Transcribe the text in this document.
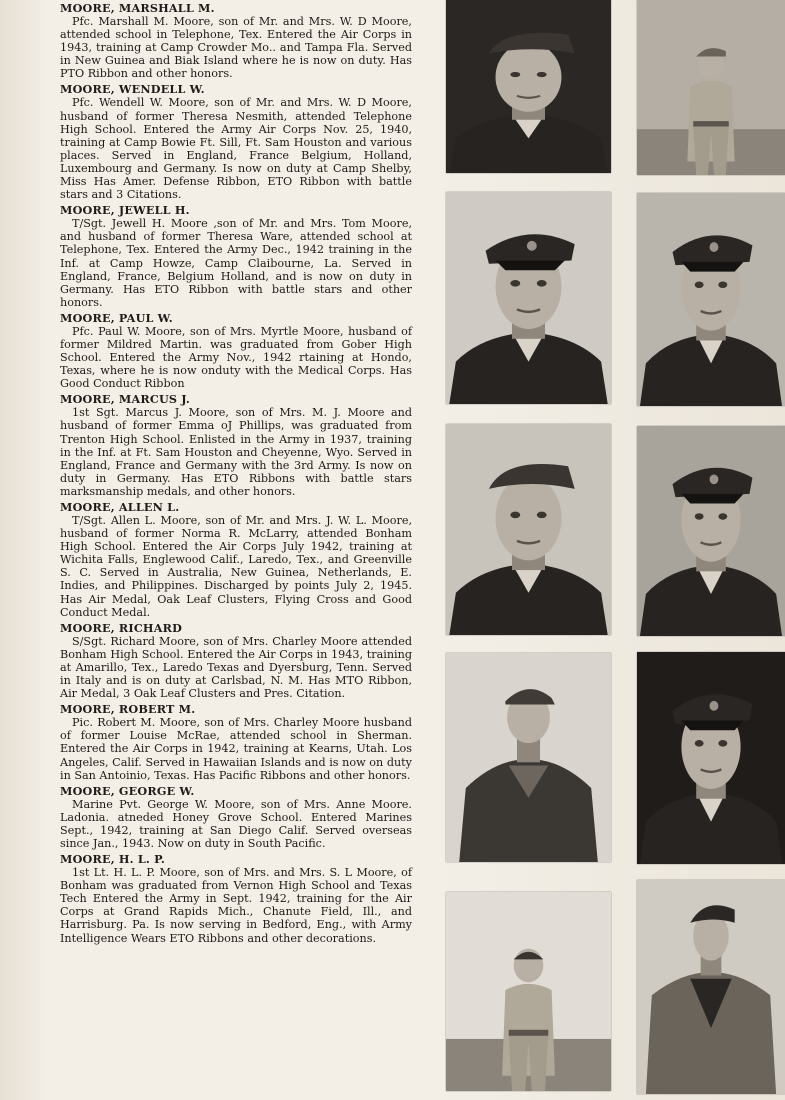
MOORE, MARSHALL M.
Pfc. Marshall M. Moore, son of Mr. and Mrs. W. D Moore, attended school in Telephone, Tex. Entered the Air Corps in 1943, training at Camp Crowder Mo.. and Tampa Fla. Served in New Guinea and Biak Island where he is now on duty. Has PTO Ribbon and other honors.
MOORE, WENDELL W.
Pfc. Wendell W. Moore, son of Mr. and Mrs. W. D Moore, husband of former Theresa Nesmith, attended Telephone High School. Entered the Army Air Corps Nov. 25, 1940, training at Camp Bowie Ft. Sill, Ft. Sam Houston and various places. Served in England, France Belgium, Holland, Luxembourg and Germany. Is now on duty at Camp Shelby, Miss Has Amer. Defense Ribbon, ETO Ribbon with battle stars and 3 Citations.
MOORE, JEWELL H.
T/Sgt. Jewell H. Moore ,son of Mr. and Mrs. Tom Moore, and husband of former Theresa Ware, attended school at Telephone, Tex. Entered the Army Dec., 1942 training in the Inf. at Camp Howze, Camp Claibourne, La. Served in England, France, Belgium Holland, and is now on duty in Germany. Has ETO Ribbon with battle stars and other honors.
MOORE, PAUL W.
Pfc. Paul W. Moore, son of Mrs. Myrtle Moore, husband of former Mildred Martin. was graduated from Gober High School. Entered the Army Nov., 1942 rtaining at Hondo, Texas, where he is now onduty with the Medical Corps. Has Good Conduct Ribbon
MOORE, MARCUS J.
1st Sgt. Marcus J. Moore, son of Mrs. M. J. Moore and husband of former Emma oJ Phillips, was graduated from Trenton High School. Enlisted in the Army in 1937, training in the Inf. at Ft. Sam Houston and Cheyenne, Wyo. Served in England, France and Germany with the 3rd Army. Is now on duty in Germany. Has ETO Ribbons with battle stars marksmanship medals, and other honors.
MOORE, ALLEN L.
T/Sgt. Allen L. Moore, son of Mr. and Mrs. J. W. L. Moore, husband of former Norma R. McLarry, attended Bonham High School. Entered the Air Corps July 1942, training at Wichita Falls, Englewood Calif., Laredo, Tex., and Greenville S. C. Served in Australia, New Guinea, Netherlands, E. Indies, and Philippines. Discharged by points July 2, 1945. Has Air Medal, Oak Leaf Clusters, Flying Cross and Good Conduct Medal.
MOORE, RICHARD
S/Sgt. Richard Moore, son of Mrs. Charley Moore attended Bonham High School. Entered the Air Corps in 1943, training at Amarillo, Tex., Laredo Texas and Dyersburg, Tenn. Served in Italy and is on duty at Carlsbad, N. M. Has MTO Ribbon, Air Medal, 3 Oak Leaf Clusters and Pres. Citation.
MOORE, ROBERT M.
Pic. Robert M. Moore, son of Mrs. Charley Moore husband of former Louise McRae, attended school in Sherman. Entered the Air Corps in 1942, training at Kearns, Utah. Los Angeles, Calif. Served in Hawaiian Islands and is now on duty in San Antoinio, Texas. Has Pacific Ribbons and other honors.
MOORE, GEORGE W.
Marine Pvt. George W. Moore, son of Mrs. Anne Moore. Ladonia. atneded Honey Grove School. Entered Marines Sept., 1942, training at San Diego Calif. Served overseas since Jan., 1943. Now on duty in South Pacific.
MOORE, H. L. P.
1st Lt. H. L. P. Moore, son of Mrs. and Mrs. S. L Moore, of Bonham was graduated from Vernon High School and Texas Tech Entered the Army in Sept. 1942, training for the Air Corps at Grand Rapids Mich., Chanute Field, Ill., and Harrisburg. Pa. Is now serving in Bedford, Eng., with Army Intelligence Wears ETO Ribbons and other decorations.
